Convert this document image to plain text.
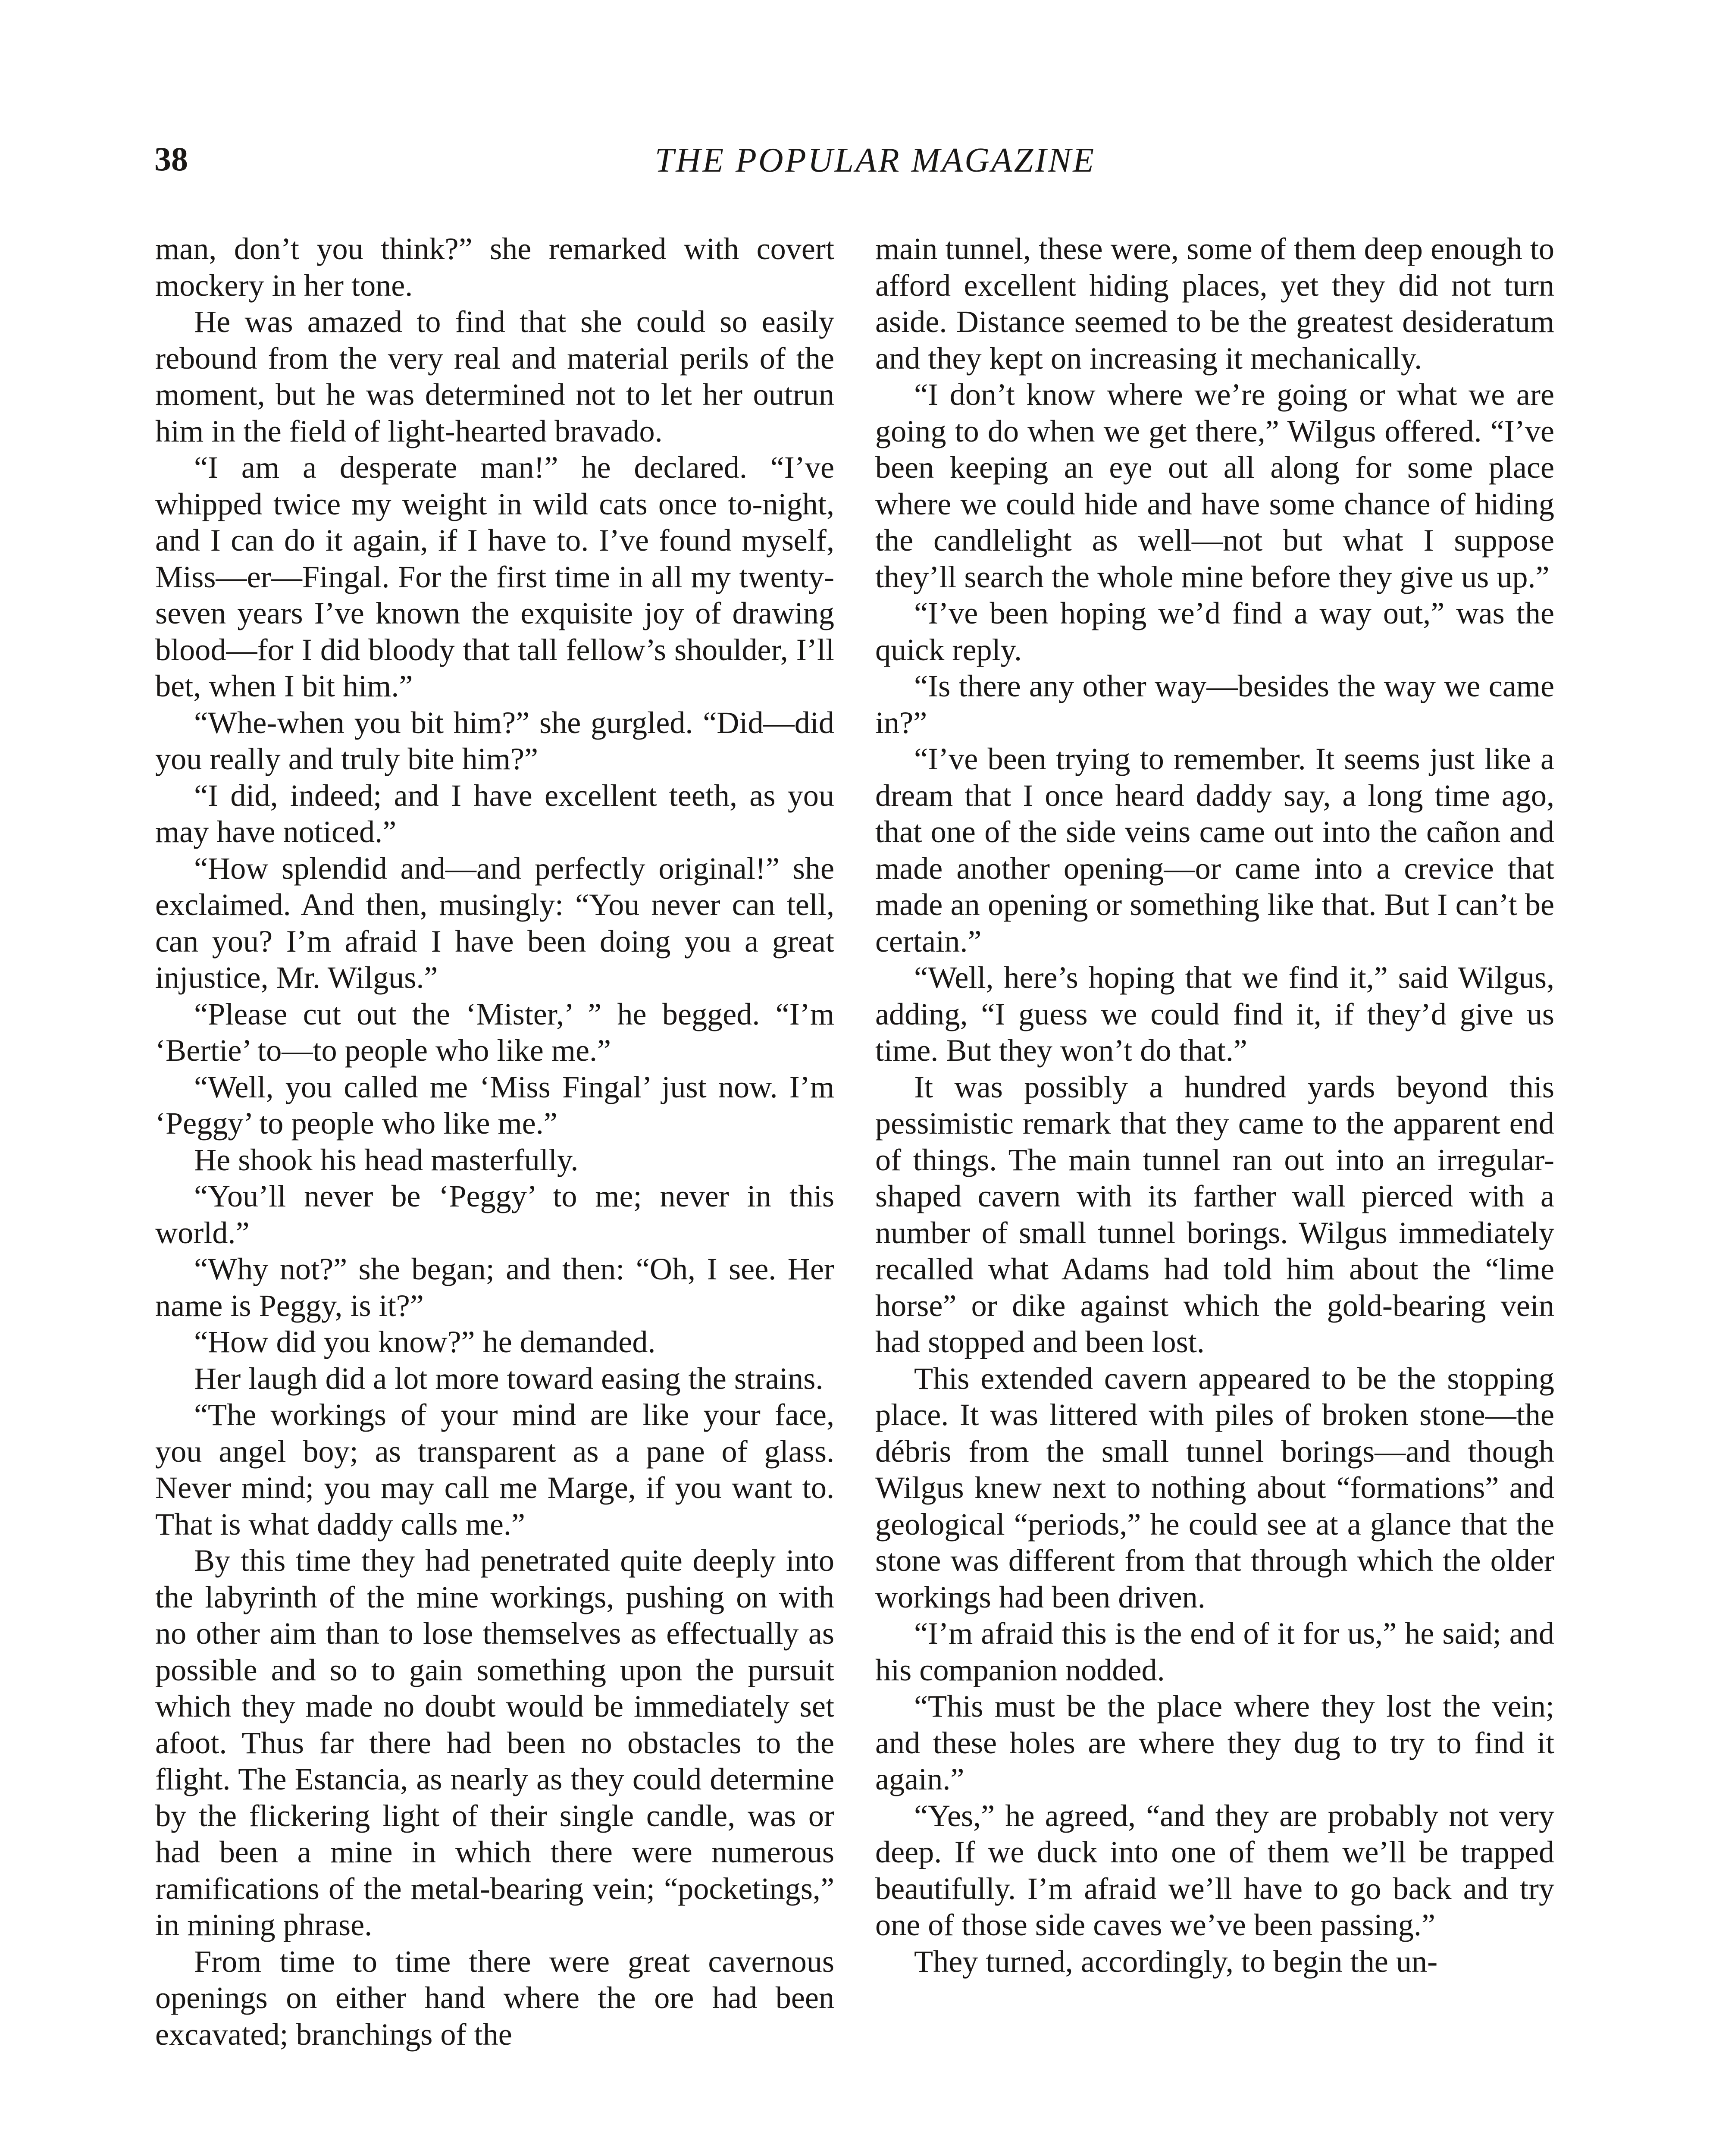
38	THE POPULAR MAGAZINE

man, don’t you think?” she remarked with covert mockery in her tone.

He was amazed to find that she could so easily rebound from the very real and material perils of the moment, but he was determined not to let her outrun him in the field of light-hearted bravado.

“I am a desperate man!” he declared. “I’ve whipped twice my weight in wild cats once to-night, and I can do it again, if I have to. I’ve found myself, Miss—er—Fingal. For the first time in all my twenty-seven years I’ve known the exquisite joy of drawing blood—for I did bloody that tall fellow’s shoulder, I’ll bet, when I bit him.”

“Whe-when you bit him?” she gurgled. “Did—did you really and truly bite him?”

“I did, indeed; and I have excellent teeth, as you may have noticed.”

“How splendid and—and perfectly original!” she exclaimed. And then, musingly: “You never can tell, can you? I’m afraid I have been doing you a great injustice, Mr. Wilgus.”

“Please cut out the ‘Mister,’ ” he begged. “I’m ‘Bertie’ to—to people who like me.”

“Well, you called me ‘Miss Fingal’ just now. I’m ‘Peggy’ to people who like me.”

He shook his head masterfully.

“You’ll never be ‘Peggy’ to me; never in this world.”

“Why not?” she began; and then: “Oh, I see. Her name is Peggy, is it?”

“How did you know?” he demanded.

Her laugh did a lot more toward easing the strains.

“The workings of your mind are like your face, you angel boy; as transparent as a pane of glass. Never mind; you may call me Marge, if you want to. That is what daddy calls me.”

By this time they had penetrated quite deeply into the labyrinth of the mine workings, pushing on with no other aim than to lose themselves as effectually as possible and so to gain something upon the pursuit which they made no doubt would be immediately set afoot. Thus far there had been no obstacles to the flight. The Estancia, as nearly as they could determine by the flickering light of their single candle, was or had been a mine in which there were numerous ramifications of the metal-bearing vein; “pocketings,” in mining phrase.

From time to time there were great cavernous openings on either hand where the ore had been excavated; branchings of the

main tunnel, these were, some of them deep enough to afford excellent hiding places, yet they did not turn aside. Distance seemed to be the greatest desideratum and they kept on increasing it mechanically.

“I don’t know where we’re going or what we are going to do when we get there,” Wilgus offered. “I’ve been keeping an eye out all along for some place where we could hide and have some chance of hiding the candlelight as well—not but what I suppose they’ll search the whole mine before they give us up.”

“I’ve been hoping we’d find a way out,” was the quick reply.

“Is there any other way—besides the way we came in?”

“I’ve been trying to remember. It seems just like a dream that I once heard daddy say, a long time ago, that one of the side veins came out into the cañon and made another opening—or came into a crevice that made an opening or something like that. But I can’t be certain.”

“Well, here’s hoping that we find it,” said Wilgus, adding, “I guess we could find it, if they’d give us time. But they won’t do that.”

It was possibly a hundred yards beyond this pessimistic remark that they came to the apparent end of things. The main tunnel ran out into an irregular-shaped cavern with its farther wall pierced with a number of small tunnel borings. Wilgus immediately recalled what Adams had told him about the “lime horse” or dike against which the gold-bearing vein had stopped and been lost.

This extended cavern appeared to be the stopping place. It was littered with piles of broken stone—the débris from the small tunnel borings—and though Wilgus knew next to nothing about “formations” and geological “periods,” he could see at a glance that the stone was different from that through which the older workings had been driven.

“I’m afraid this is the end of it for us,” he said; and his companion nodded.

“This must be the place where they lost the vein; and these holes are where they dug to try to find it again.”

“Yes,” he agreed, “and they are probably not very deep. If we duck into one of them we’ll be trapped beautifully. I’m afraid we’ll have to go back and try one of those side caves we’ve been passing.”

They turned, accordingly, to begin the un-
